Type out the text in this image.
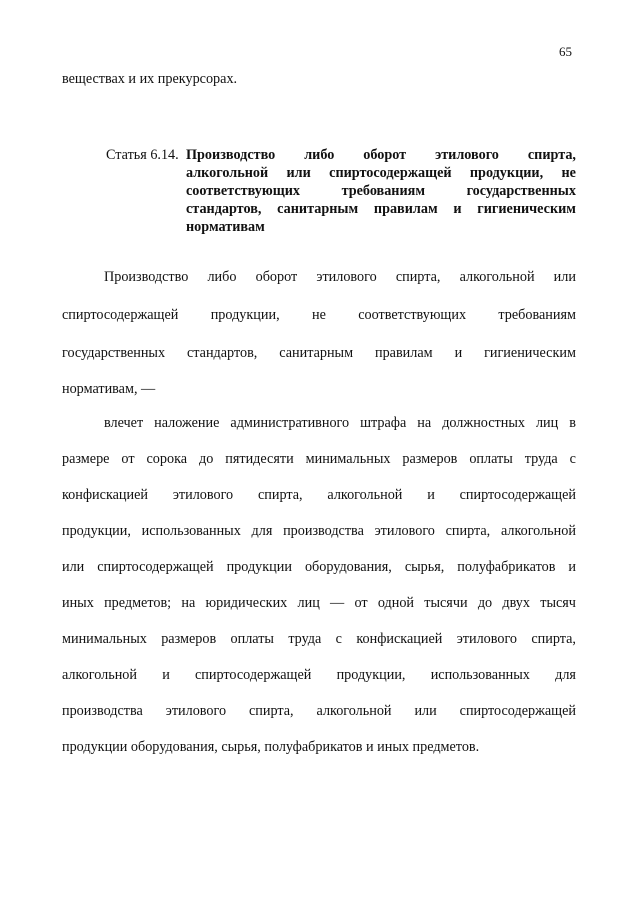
65
веществах и их прекурсорах.
Статья 6.14. Производство либо оборот этилового спирта,
алкогольной или спиртосодержащей продукции, не
соответствующих	требованиям	государственных
стандартов, санитарным правилам и гигиеническим
нормативам
Производство либо оборот этилового спирта, алкогольной или
спиртосодержащей продукции, не соответствующих требованиям
государственных стандартов, санитарным правилам и гигиеническим
нормативам, —
влечет наложение административного штрафа на должностных лиц в
размере от сорока до пятидесяти минимальных размеров оплаты труда с
конфискацией этилового спирта, алкогольной и спиртосодержащей
продукции, использованных для производства этилового спирта, алкогольной
или спиртосодержащей продукции оборудования, сырья, полуфабрикатов и
иных предметов; на юридических лиц — от одной тысячи до двух тысяч
минимальных размеров оплаты труда с конфискацией этилового спирта,
алкогольной и спиртосодержащей продукции, использованных для
производства этилового спирта, алкогольной или спиртосодержащей
продукции оборудования, сырья, полуфабрикатов и иных предметов.
